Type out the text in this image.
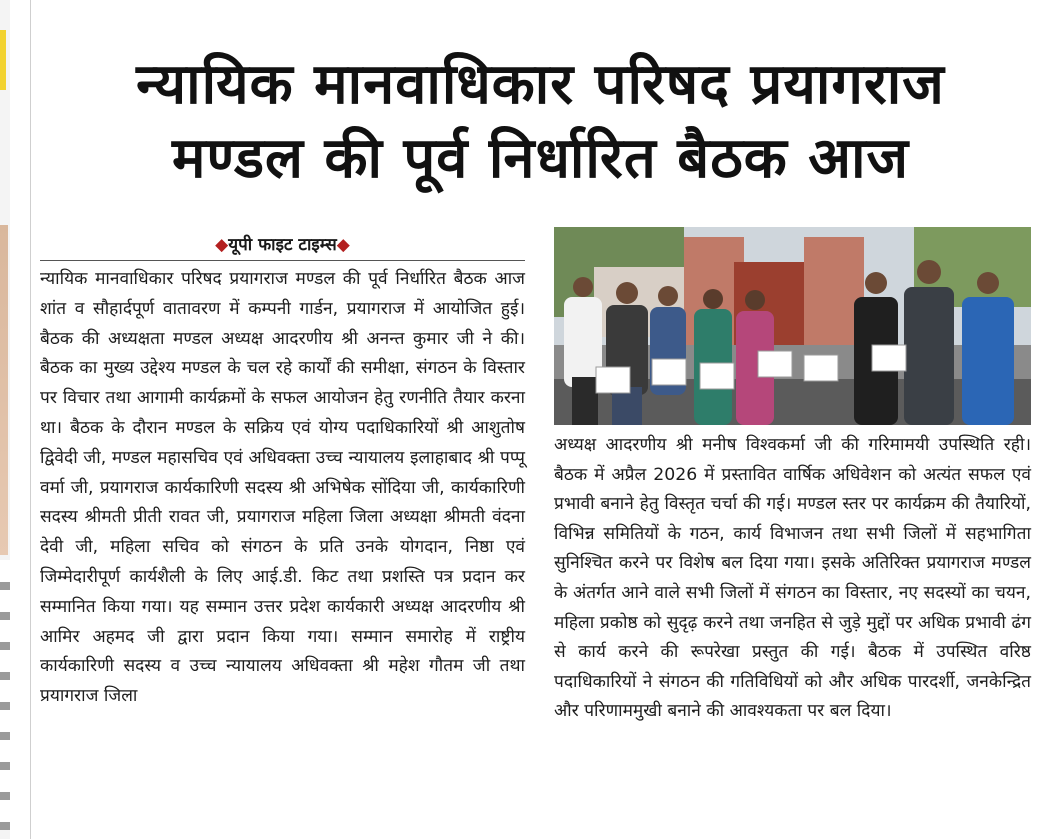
न्यायिक मानवाधिकार परिषद प्रयागराज
मण्डल की पूर्व निर्धारित बैठक आज
◆यूपी फाइट टाइम्स◆

न्यायिक मानवाधिकार परिषद प्रयागराज मण्डल की पूर्व निर्धारित बैठक आज शांत व सौहार्दपूर्ण वातावरण में कम्पनी गार्डन, प्रयागराज में आयोजित हुई। बैठक की अध्यक्षता मण्डल अध्यक्ष आदरणीय श्री अनन्त कुमार जी ने की। बैठक का मुख्य उद्देश्य मण्डल के चल रहे कार्यों की समीक्षा, संगठन के विस्तार पर विचार तथा आगामी कार्यक्रमों के सफल आयोजन हेतु रणनीति तैयार करना था। बैठक के दौरान मण्डल के सक्रिय एवं योग्य पदाधिकारियों श्री आशुतोष द्विवेदी जी, मण्डल महासचिव एवं अधिवक्ता उच्च न्यायालय इलाहाबाद श्री पप्पू वर्मा जी, प्रयागराज कार्यकारिणी सदस्य श्री अभिषेक सोंदिया जी, कार्यकारिणी सदस्य श्रीमती प्रीती रावत जी, प्रयागराज महिला जिला अध्यक्षा श्रीमती वंदना देवी जी, महिला सचिव को संगठन के प्रति उनके योगदान, निष्ठा एवं जिम्मेदारीपूर्ण कार्यशैली के लिए आई.डी. किट तथा प्रशस्ति पत्र प्रदान कर सम्मानित किया गया। यह सम्मान उत्तर प्रदेश कार्यकारी अध्यक्ष आदरणीय श्री आमिर अहमद जी द्वारा प्रदान किया गया। सम्मान समारोह में राष्ट्रीय कार्यकारिणी सदस्य व उच्च न्यायालय अधिवक्ता श्री महेश गौतम जी तथा प्रयागराज जिला

अध्यक्ष आदरणीय श्री मनीष विश्वकर्मा जी की गरिमामयी उपस्थिति रही। बैठक में अप्रैल 2026 में प्रस्तावित वार्षिक अधिवेशन को अत्यंत सफल एवं प्रभावी बनाने हेतु विस्तृत चर्चा की गई। मण्डल स्तर पर कार्यक्रम की तैयारियों, विभिन्न समितियों के गठन, कार्य विभाजन तथा सभी जिलों में सहभागिता सुनिश्चित करने पर विशेष बल दिया गया। इसके अतिरिक्त प्रयागराज मण्डल के अंतर्गत आने वाले सभी जिलों में संगठन का विस्तार, नए सदस्यों का चयन, महिला प्रकोष्ठ को सुदृढ़ करने तथा जनहित से जुड़े मुद्दों पर अधिक प्रभावी ढंग से कार्य करने की रूपरेखा प्रस्तुत की गई। बैठक में उपस्थित वरिष्ठ पदाधिकारियों ने संगठन की गतिविधियों को और अधिक पारदर्शी, जनकेन्द्रित और परिणाममुखी बनाने की आवश्यकता पर बल दिया।
